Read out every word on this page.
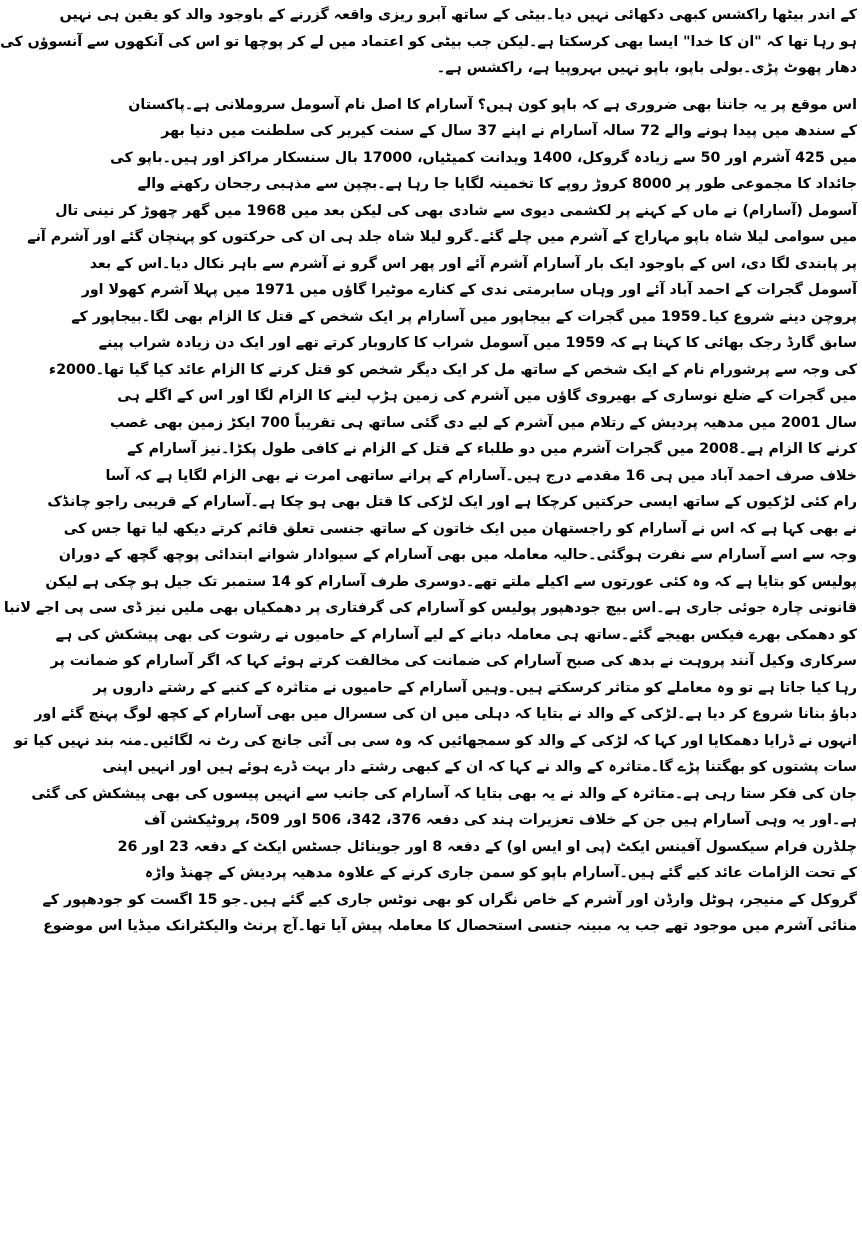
کے اندر بیٹھا راکشس کبھی دکھائی نہیں دیا۔بیٹی کے ساتھ آبرو ریزی واقعہ گزرنے کے باوجود والد کو یقین ہی نہیں
ہو رہا تھا کہ "ان کا خدا" ایسا بھی کرسکتا ہے۔لیکن جب بیٹی کو اعتماد میں لے کر پوچھا تو اس کی آنکھوں سے آنسوؤں کی
دھار پھوٹ پڑی۔بولی باپو، باپو نہیں بہروپیا ہے، راکشس ہے۔
اس موقع پر یہ جاننا بھی ضروری ہے کہ باپو کون ہیں؟ آسارام کا اصل نام آسومل سروملانی ہے۔پاکستان
کے سندھ میں پیدا ہونے والے 72 سالہ آسارام نے اپنے 37 سال کے سنت کیریر کی سلطنت میں دنیا بھر
میں 425 آشرم اور 50 سے زیادہ گروکل، 1400 ویدانت کمیٹیاں، 17000 بال سنسکار مراکز اور ہیں۔باپو کی
جائداد کا مجموعی طور پر 8000 کروڑ روپے کا تخمینہ لگایا جا رہا ہے۔بچپن سے مذہبی رجحان رکھنے والے
آسومل (آسارام) نے ماں کے کہنے پر لکشمی دیوی سے شادی بھی کی لیکن بعد میں 1968 میں گھر چھوڑ کر نینی تال
میں سوامی لیلا شاہ باپو مہاراج کے آشرم میں چلے گئے۔گرو لیلا شاہ جلد ہی ان کی حرکتوں کو پہنچان گئے اور آشرم آنے
پر پابندی لگا دی، اس کے باوجود ایک بار آسارام آشرم آئے اور پھر اس گرو نے آشرم سے باہر نکال دیا۔اس کے بعد
آسومل گجرات کے احمد آباد آئے اور وہاں سابرمتی ندی کے کنارے موٹیرا گاؤں میں 1971 میں پہلا آشرم کھولا اور
پروچن دینے شروع کیا۔1959 میں گجرات کے بیجاپور میں آسارام پر ایک شخص کے قتل کا الزام بھی لگا۔بیجاپور کے
سابق گارڈ رجک بھائی کا کہنا ہے کہ 1959 میں آسومل شراب کا کاروبار کرتے تھے اور ایک دن زیادہ شراب پینے
کی وجہ سے پرشورام نام کے ایک شخص کے ساتھ مل کر ایک دیگر شخص کو قتل کرنے کا الزام عائد کیا گیا تھا۔2000ء
میں گجرات کے ضلع نوساری کے بھیروی گاؤں میں آشرم کی زمین ہڑپ لینے کا الزام لگا اور اس کے اگلے ہی
سال 2001 میں مدھیہ پردیش کے رتلام میں آشرم کے لیے دی گئی ساتھ ہی تقریباً 700 ایکڑ زمین بھی غصب
کرنے کا الزام ہے۔2008 میں گجرات آشرم میں دو طلباء کے قتل کے الزام نے کافی طول پکڑا۔نیز آسارام کے
خلاف صرف احمد آباد میں ہی 16 مقدمے درج ہیں۔آسارام کے پرانے ساتھی امرت نے بھی الزام لگایا ہے کہ آسا
رام کئی لڑکیوں کے ساتھ ایسی حرکتیں کرچکا ہے اور ایک لڑکی کا قتل بھی ہو چکا ہے۔آسارام کے قریبی راجو چانڈک
نے بھی کہا ہے کہ اس نے آسارام کو راجستھان میں ایک خاتون کے ساتھ جنسی تعلق قائم کرتے دیکھ لیا تھا جس کی
وجہ سے اسے آسارام سے نفرت ہوگئی۔حالیہ معاملہ میں بھی آسارام کے سیوادار شوانے ابتدائی پوچھ گچھ کے دوران
پولیس کو بتایا ہے کہ وہ کئی عورتوں سے اکیلے ملتے تھے۔دوسری طرف آسارام کو 14 ستمبر تک جیل ہو چکی ہے لیکن
قانونی چارہ جوئی جاری ہے۔اس بیچ جودھپور پولیس کو آسارام کی گرفتاری پر دھمکیاں بھی ملیں نیز ڈی سی پی اجے لانبا
کو دھمکی بھرے فیکس بھیجے گئے۔ساتھ ہی معاملہ دبانے کے لیے آسارام کے حامیوں نے رشوت کی بھی پیشکش کی ہے
سرکاری وکیل آنند پروہت نے بدھ کی صبح آسارام کی ضمانت کی مخالفت کرتے ہوئے کہا کہ اگر آسارام کو ضمانت پر
رہا کیا جاتا ہے تو وہ معاملے کو متاثر کرسکتے ہیں۔وہیں آسارام کے حامیوں نے متاثرہ کے کنبے کے رشتے داروں پر
دباؤ بنانا شروع کر دیا ہے۔لڑکی کے والد نے بتایا کہ دہلی میں ان کی سسرال میں بھی آسارام کے کچھ لوگ پہنچ گئے اور
انہوں نے ڈرایا دھمکایا اور کہا کہ لڑکی کے والد کو سمجھائیں کہ وہ سی بی آئی جانچ کی رٹ نہ لگائیں۔منہ بند نہیں کیا تو
سات پشتوں کو بھگتنا پڑے گا۔متاثرہ کے والد نے کہا کہ ان کے کبھی رشتے دار بہت ڈرے ہوئے ہیں اور انہیں اپنی
جان کی فکر ستا رہی ہے۔متاثرہ کے والد نے یہ بھی بتایا کہ آسارام کی جانب سے انہیں پیسوں کی بھی پیشکش کی گئی
ہے۔اور یہ وہی آسارام ہیں جن کے خلاف تعزیرات ہند کی دفعہ 376، 342، 506 اور 509، پروٹیکشن آف
چلڈرن فرام سیکسول آفینس ایکٹ (پی او ایس او) کے دفعہ 8 اور جوینائل جسٹس ایکٹ کے دفعہ 23 اور 26
کے تحت الزامات عائد کیے گئے ہیں۔آسارام باپو کو سمن جاری کرنے کے علاوہ مدھیہ پردیش کے چھنڈ واڑہ
گروکل کے منیجر، ہوٹل وارڈن اور آشرم کے خاص نگراں کو بھی نوٹس جاری کیے گئے ہیں۔جو 15 اگست کو جودھپور کے
منائی آشرم میں موجود تھے جب یہ مبینہ جنسی استحصال کا معاملہ پیش آیا تھا۔آج پرنٹ والیکٹرانک میڈیا اس موضوع
